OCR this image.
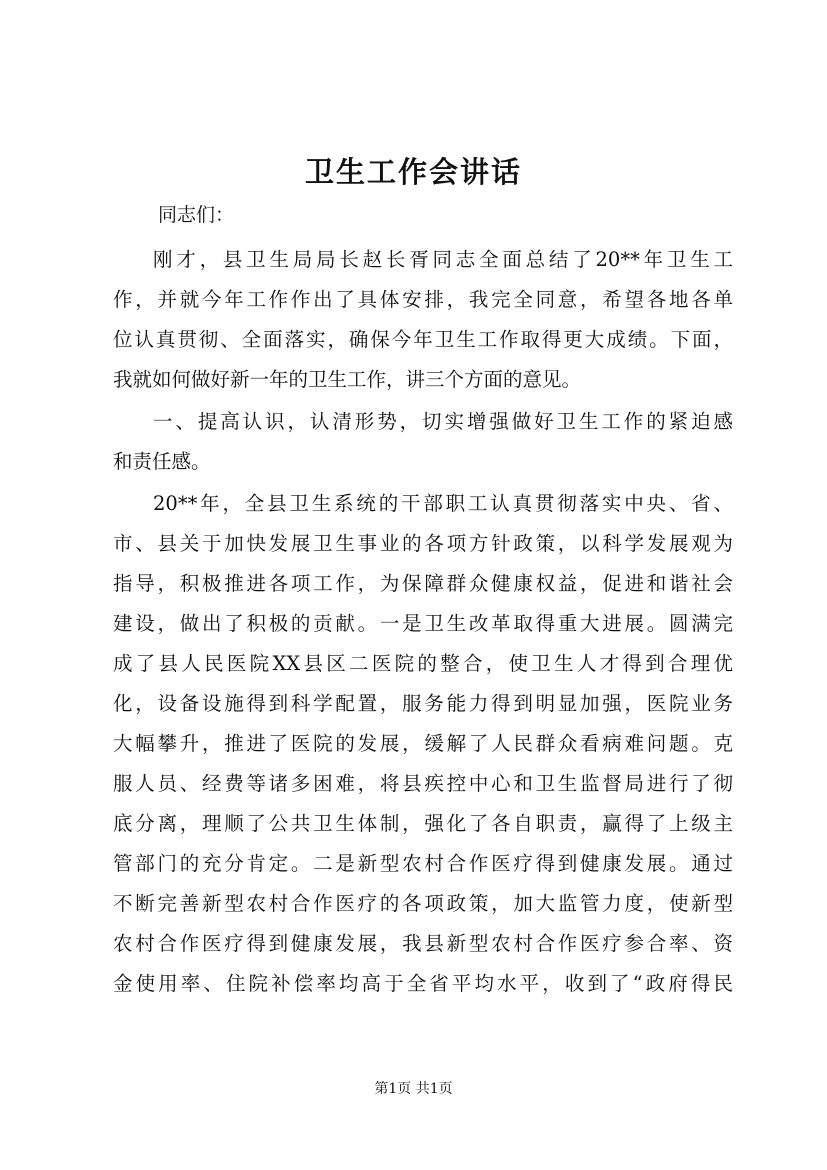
卫生工作会讲话
同志们：
刚才，县卫生局局长赵长胥同志全面总结了20**年卫生工
作，并就今年工作作出了具体安排，我完全同意，希望各地各单
位认真贯彻、全面落实，确保今年卫生工作取得更大成绩。下面，
我就如何做好新一年的卫生工作，讲三个方面的意见。
一、提高认识，认清形势，切实增强做好卫生工作的紧迫感
和责任感。
20**年，全县卫生系统的干部职工认真贯彻落实中央、省、
市、县关于加快发展卫生事业的各项方针政策，以科学发展观为
指导，积极推进各项工作，为保障群众健康权益，促进和谐社会
建设，做出了积极的贡献。一是卫生改革取得重大进展。圆满完
成了县人民医院XX县区二医院的整合，使卫生人才得到合理优
化，设备设施得到科学配置，服务能力得到明显加强，医院业务
大幅攀升，推进了医院的发展，缓解了人民群众看病难问题。克
服人员、经费等诸多困难，将县疾控中心和卫生监督局进行了彻
底分离，理顺了公共卫生体制，强化了各自职责，赢得了上级主
管部门的充分肯定。二是新型农村合作医疗得到健康发展。通过
不断完善新型农村合作医疗的各项政策，加大监管力度，使新型
农村合作医疗得到健康发展，我县新型农村合作医疗参合率、资
金使用率、住院补偿率均高于全省平均水平，收到了“政府得民
第1页 共1页
